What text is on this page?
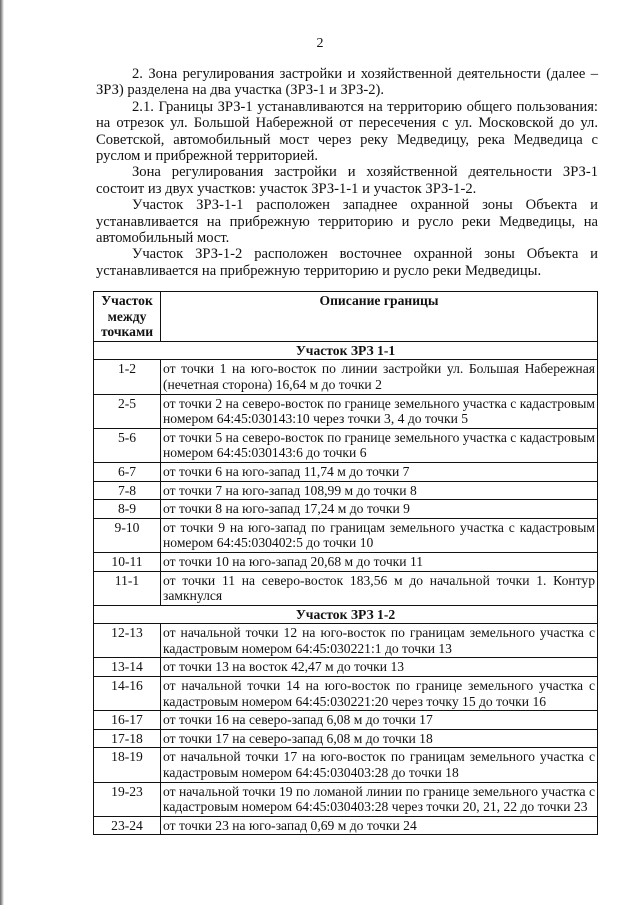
2

2. Зона регулирования застройки и хозяйственной деятельности (далее – ЗРЗ) разделена на два участка (ЗРЗ-1 и ЗРЗ-2).

2.1. Границы ЗРЗ-1 устанавливаются на территорию общего пользования: на отрезок ул. Большой Набережной от пересечения с ул. Московской до ул. Советской, автомобильный мост через реку Медведицу, река Медведица с руслом и прибрежной территорией.

Зона регулирования застройки и хозяйственной деятельности ЗРЗ-1 состоит из двух участков: участок ЗРЗ-1-1 и участок ЗРЗ-1-2.

Участок ЗРЗ-1-1 расположен западнее охранной зоны Объекта и устанавливается на прибрежную территорию и русло реки Медведицы, на автомобильный мост.

Участок ЗРЗ-1-2 расположен восточнее охранной зоны Объекта и устанавливается на прибрежную территорию и русло реки Медведицы.

Участок между точками	Описание границы
Участок ЗРЗ 1-1	
1-2	от точки 1 на юго-восток по линии застройки ул. Большая Набережная (нечетная сторона) 16,64 м до точки 2
2-5	от точки 2 на северо-восток по границе земельного участка с кадастровым номером 64:45:030143:10 через точки 3, 4 до точки 5
5-6	от точки 5 на северо-восток по границе земельного участка с кадастровым номером 64:45:030143:6 до точки 6
6-7	от точки 6 на юго-запад 11,74 м до точки 7
7-8	от точки 7 на юго-запад 108,99 м до точки 8
8-9	от точки 8 на юго-запад 17,24 м до точки 9
9-10	от точки 9 на юго-запад по границам земельного участка с кадастровым номером 64:45:030402:5 до точки 10
10-11	от точки 10 на юго-запад 20,68 м до точки 11
11-1	от точки 11 на северо-восток 183,56 м до начальной точки 1. Контур замкнулся
Участок ЗРЗ 1-2	
12-13	от начальной точки 12 на юго-восток по границам земельного участка с кадастровым номером 64:45:030221:1 до точки 13
13-14	от точки 13 на восток 42,47 м до точки 13
14-16	от начальной точки 14 на юго-восток по границе земельного участка с кадастровым номером 64:45:030221:20 через точку 15 до точки 16
16-17	от точки 16 на северо-запад 6,08 м до точки 17
17-18	от точки 17 на северо-запад 6,08 м до точки 18
18-19	от начальной точки 17 на юго-восток по границам земельного участка с кадастровым номером 64:45:030403:28 до точки 18
19-23	от начальной точки 19 по ломаной линии по границе земельного участка с кадастровым номером 64:45:030403:28 через точки 20, 21, 22 до точки 23
23-24	от точки 23 на юго-запад 0,69 м до точки 24
